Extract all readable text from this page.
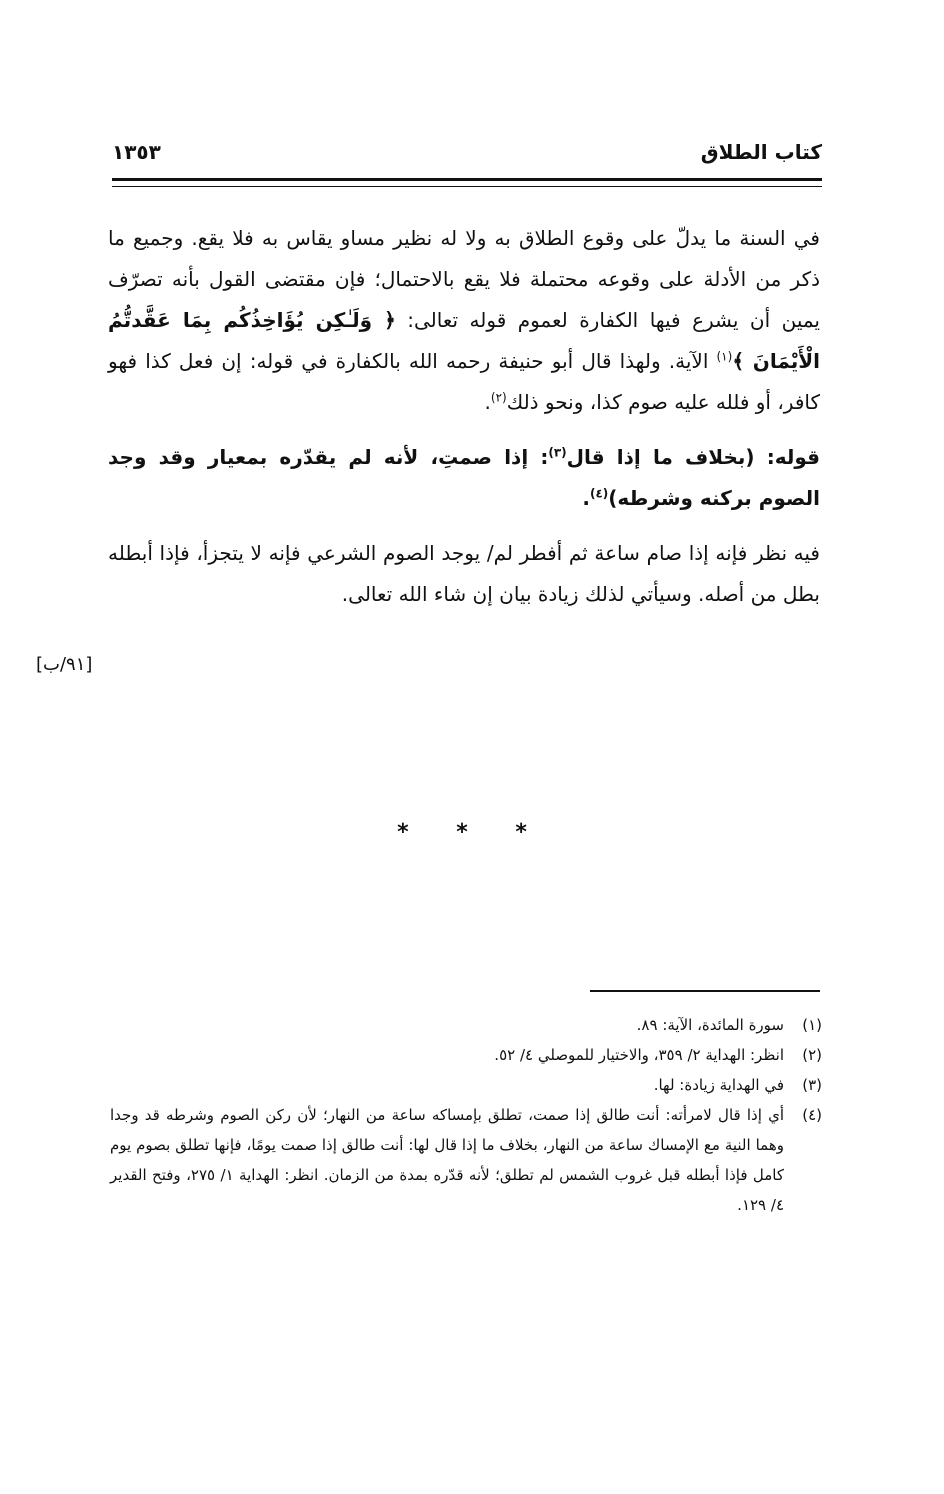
كتاب الطلاق
١٣٥٣

في السنة ما يدلّ على وقوع الطلاق به ولا له نظير مساو يقاس به فلا يقع. وجميع ما ذكر من الأدلة على وقوعه محتملة فلا يقع بالاحتمال؛ فإن مقتضى القول بأنه تصرّف يمين أن يشرع فيها الكفارة لعموم قوله تعالى: ﴿ وَلَـٰكِن يُؤَاخِذُكُم بِمَا عَقَّدتُّمُ الْأَيْمَانَ ﴾$^{(١)}$ الآية. ولهذا قال أبو حنيفة رحمه الله بالكفارة في قوله: إن فعل كذا فهو كافر، أو فلله عليه صوم كذا، ونحو ذلك$^{(٢)}$.

قوله: (بخلاف ما إذا قال$^{(٣)}$: إذا صمتِ، لأنه لم يقدّره بمعيار وقد وجد الصوم بركنه وشرطه)$^{(٤)}$.

فيه نظر فإنه إذا صام ساعة ثم أفطر لم/ يوجد الصوم الشرعي فإنه لا يتجزأ، فإذا أبطله بطل من أصله. وسيأتي لذلك زيادة بيان إن شاء الله تعالى.

[٩١/ب]
* * *
(١)
سورة المائدة، الآية: ٨٩.
(٢)
انظر: الهداية ٢/ ٣٥٩، والاختيار للموصلي ٤/ ٥٢.
(٣)
في الهداية زيادة: لها.
(٤)
أي إذا قال لامرأته: أنت طالق إذا صمت، تطلق بإمساكه ساعة من النهار؛ لأن ركن الصوم وشرطه قد وجدا وهما النية مع الإمساك ساعة من النهار، بخلاف ما إذا قال لها: أنت طالق إذا صمت يومًا، فإنها تطلق بصوم يوم كامل فإذا أبطله قبل غروب الشمس لم تطلق؛ لأنه قدّره بمدة من الزمان. انظر: الهداية ١/ ٢٧٥، وفتح القدير ٤/ ١٢٩.
